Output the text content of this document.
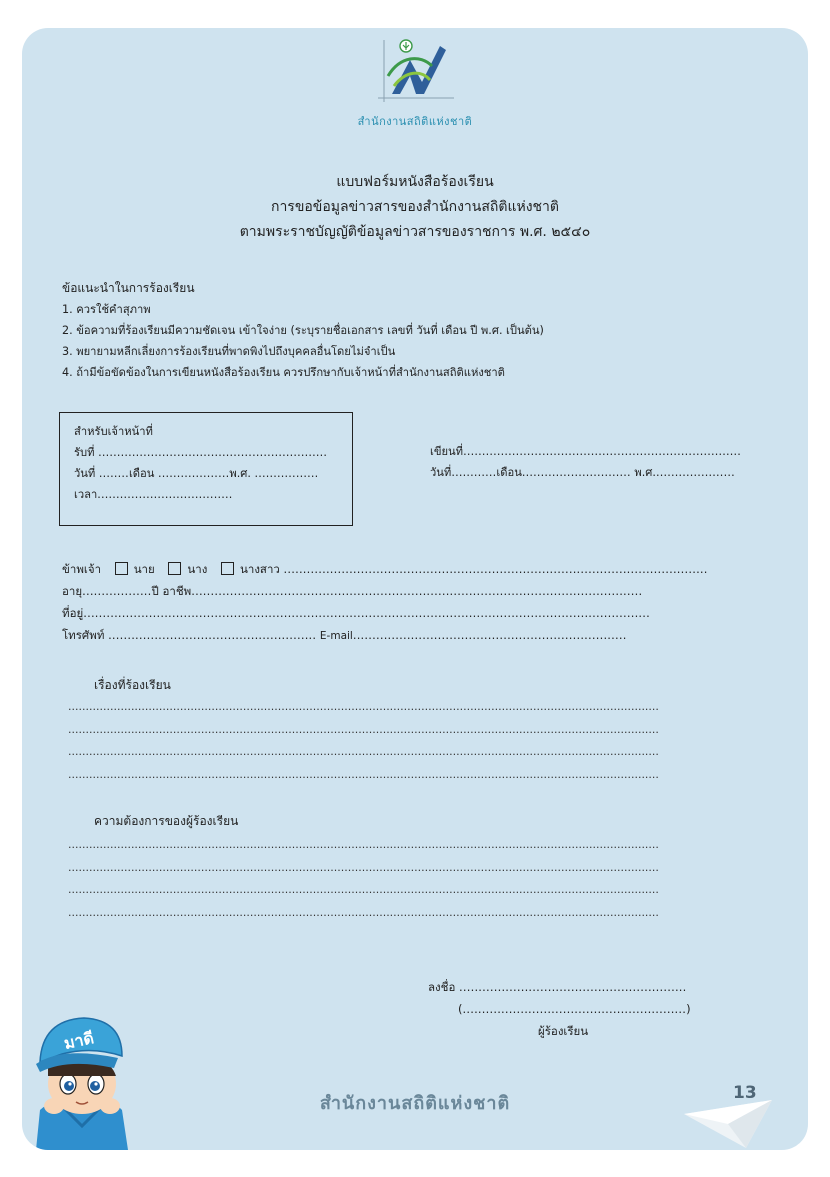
สำนักงานสถิติแห่งชาติ
แบบฟอร์มหนังสือร้องเรียน
การขอข้อมูลข่าวสารของสำนักงานสถิติแห่งชาติ
ตามพระราชบัญญัติข้อมูลข่าวสารของราชการ พ.ศ. ๒๕๔๐
ข้อแนะนำในการร้องเรียน
1. ควรใช้คำสุภาพ
2. ข้อความที่ร้องเรียนมีความชัดเจน เข้าใจง่าย (ระบุรายชื่อเอกสาร เลขที่ วันที่ เดือน ปี พ.ศ. เป็นต้น)
3. พยายามหลีกเลี่ยงการร้องเรียนที่พาดพิงไปถึงบุคคลอื่นโดยไม่จำเป็น
4. ถ้ามีข้อขัดข้องในการเขียนหนังสือร้องเรียน ควรปรึกษากับเจ้าหน้าที่สำนักงานสถิติแห่งชาติ
สำหรับเจ้าหน้าที่
รับที่ .............................................................
วันที่ ........เดือน ...................พ.ศ. .................
เวลา....................................
เขียนที่..........................................................................
วันที่............เดือน............................. พ.ศ......................
ข้าพเจ้า	นาย	นาง	นางสาว ..............................................................................................................
อายุ..................ปี อาชีพ.....................................................................................................................
ที่อยู่...................................................................................................................................................
โทรศัพท์ ...................................................... E-mail.......................................................................
เรื่องที่ร้องเรียน
.........................................................................................................................................................................
.........................................................................................................................................................................
.........................................................................................................................................................................
.........................................................................................................................................................................
ความต้องการของผู้ร้องเรียน
.........................................................................................................................................................................
.........................................................................................................................................................................
.........................................................................................................................................................................
.........................................................................................................................................................................
ลงชื่อ ...........................................................
(..........................................................)
ผู้ร้องเรียน
สำนักงานสถิติแห่งชาติ	13
มาดี
